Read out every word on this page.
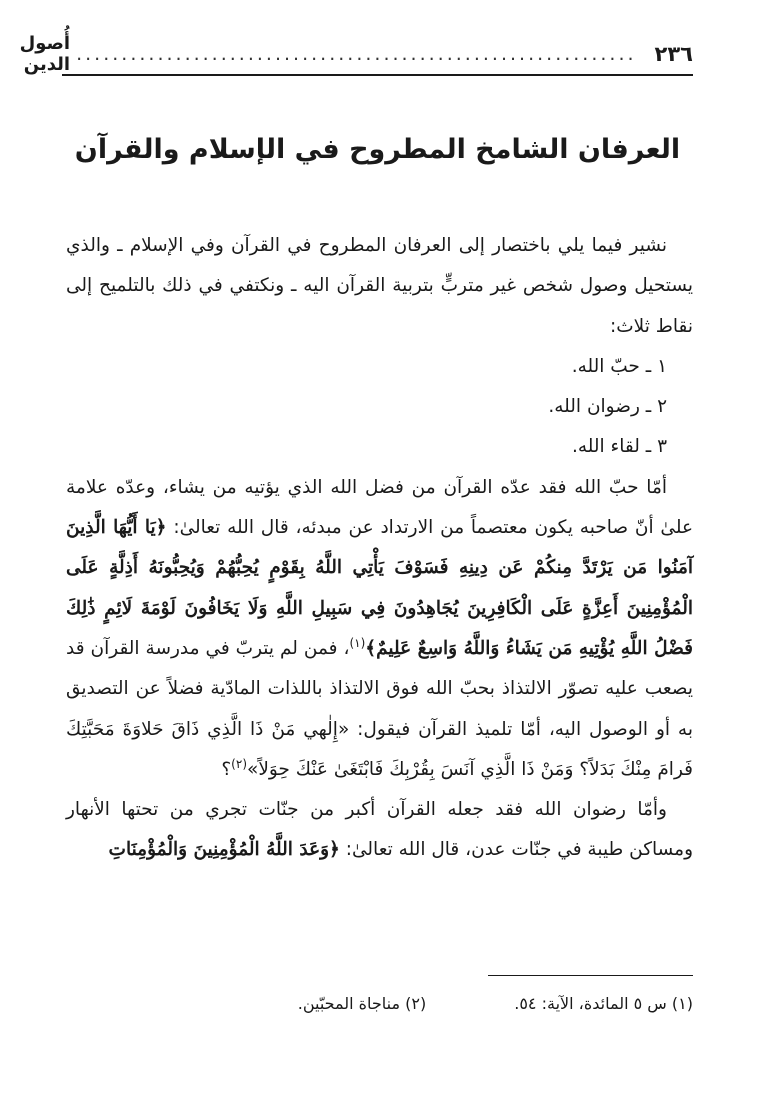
٢٣٦
..............................................................
أُصول الدين
العرفان الشامخ المطروح في الإسلام والقرآن

نشير فيما يلي باختصار إلى العرفان المطروح في القرآن وفي الإسلام ـ والذي يستحيل وصول شخص غير متربٍّ بتربية القرآن اليه ـ ونكتفي في ذلك بالتلميح إلى نقاط ثلاث:

١ ـ حبّ الله.
٢ ـ رضوان الله.
٣ ـ لقاء الله.

أمّا حبّ الله فقد عدّه القرآن من فضل الله الذي يؤتيه من يشاء، وعدّه علامة علىٰ أنّ صاحبه يكون معتصماً من الارتداد عن مبدئه، قال الله تعالىٰ: ﴿يَا أَيُّهَا الَّذِينَ آمَنُوا مَن يَرْتَدَّ مِنكُمْ عَن دِينِهِ فَسَوْفَ يَأْتِي اللَّهُ بِقَوْمٍ يُحِبُّهُمْ وَيُحِبُّونَهُ أَذِلَّةٍ عَلَى الْمُؤْمِنِينَ أَعِزَّةٍ عَلَى الْكَافِرِينَ يُجَاهِدُونَ فِي سَبِيلِ اللَّهِ وَلَا يَخَافُونَ لَوْمَةَ لَائِمٍ ذَٰلِكَ فَضْلُ اللَّهِ يُؤْتِيهِ مَن يَشَاءُ وَاللَّهُ وَاسِعٌ عَلِيمٌ﴾$^{(١)}$، فمن لم يتربّ في مدرسة القرآن قد يصعب عليه تصوّر الالتذاذ بحبّ الله فوق الالتذاذ باللذات المادّية فضلاً عن التصديق به أو الوصول اليه، أمّا تلميذ القرآن فيقول: «إِلٰهي مَنْ ذَا الَّذِي ذَاقَ حَلاوَةَ مَحَبَّتِكَ فَرامَ مِنْكَ بَدَلاً؟ وَمَنْ ذَا الَّذِي آنَسَ بِقُرْبِكَ فَابْتَغَىٰ عَنْكَ حِوَلاً»$^{(٢)}$؟

وأمّا رضوان الله فقد جعله القرآن أكبر من جنّات تجري من تحتها الأنهار ومساكن طيبة في جنّات عدن، قال الله تعالىٰ: ﴿وَعَدَ اللَّهُ الْمُؤْمِنِينَ وَالْمُؤْمِنَاتِ

(١) س ٥ المائدة، الآية: ٥٤.
(٢) مناجاة المحبّين.
